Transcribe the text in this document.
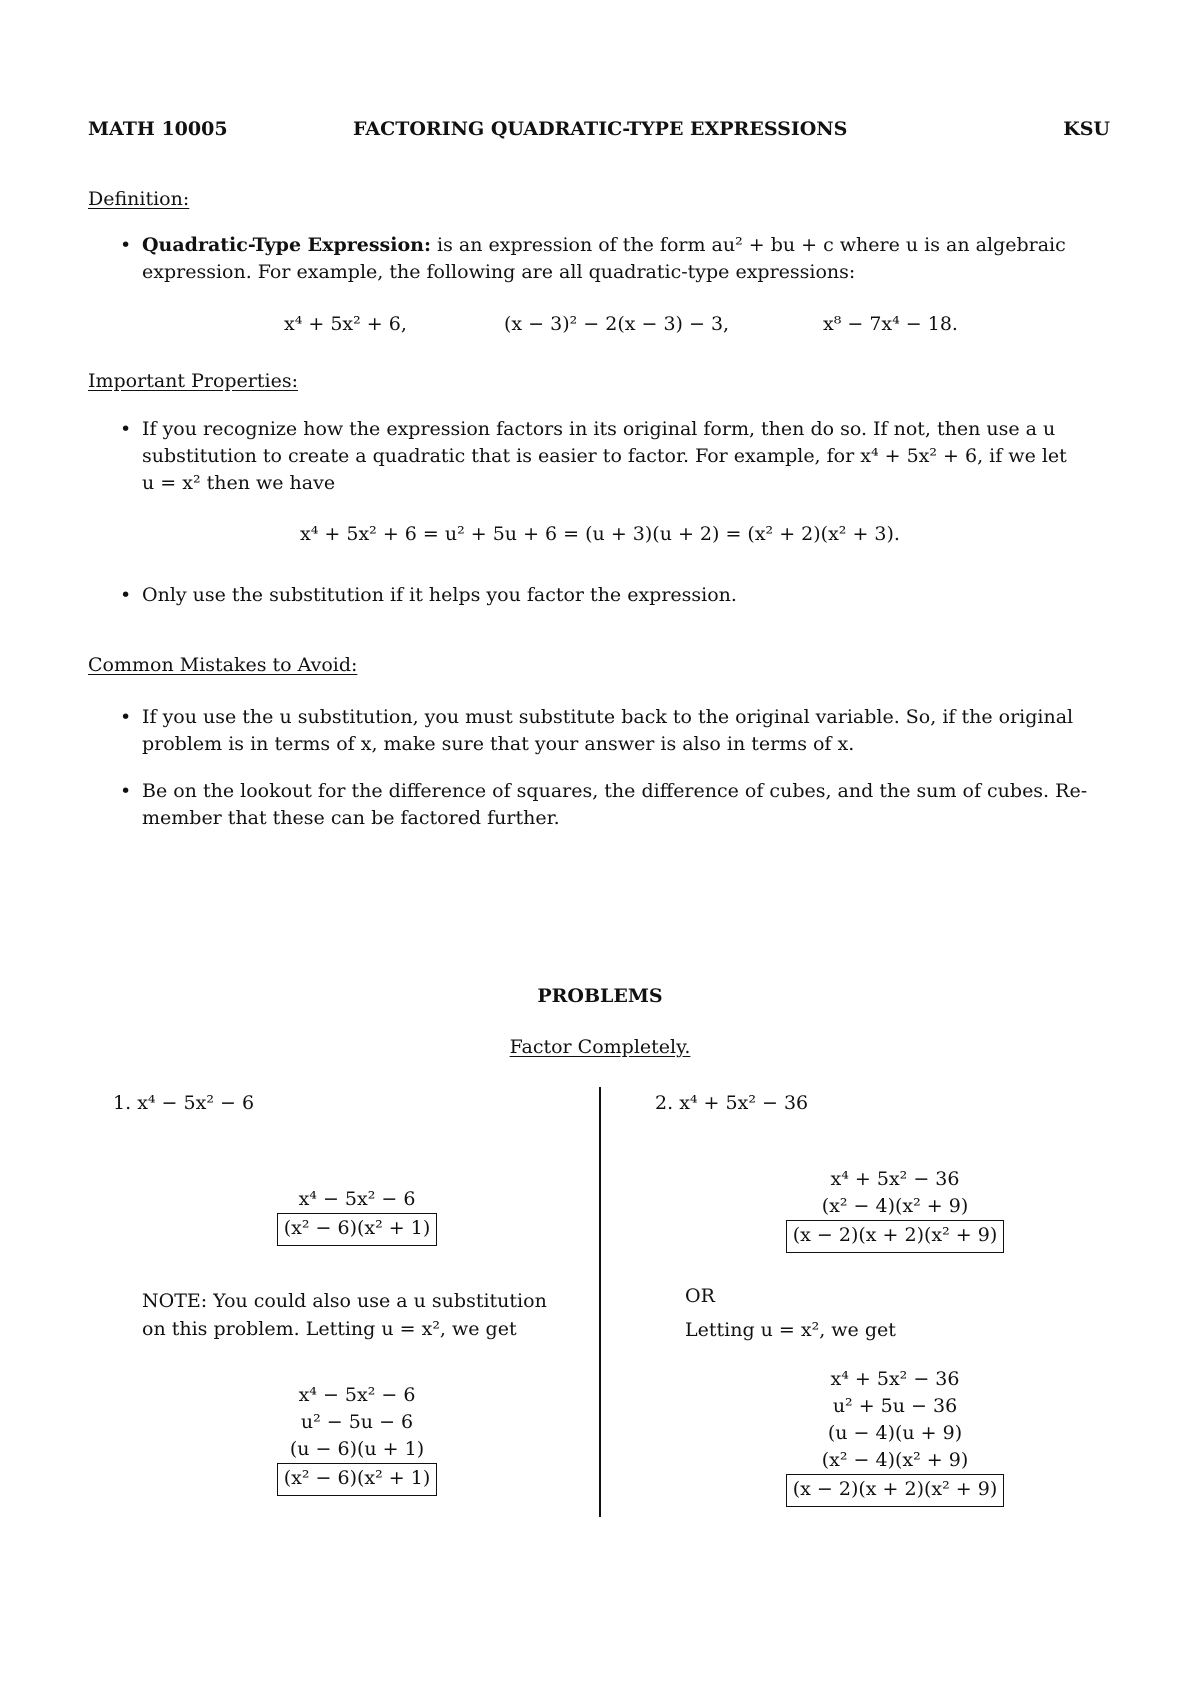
MATH 10005	FACTORING QUADRATIC-TYPE EXPRESSIONS	KSU
Definition:
• Quadratic-Type Expression: is an expression of the form au² + bu + c where u is an algebraic
expression. For example, the following are all quadratic-type expressions:
x⁴ + 5x² + 6,	(x − 3)² − 2(x − 3) − 3,	x⁸ − 7x⁴ − 18.
Important Properties:
• If you recognize how the expression factors in its original form, then do so. If not, then use a u
substitution to create a quadratic that is easier to factor. For example, for x⁴ + 5x² + 6, if we let
u = x² then we have
x⁴ + 5x² + 6 = u² + 5u + 6 = (u + 3)(u + 2) = (x² + 2)(x² + 3).
• Only use the substitution if it helps you factor the expression.
Common Mistakes to Avoid:
• If you use the u substitution, you must substitute back to the original variable. So, if the original
problem is in terms of x, make sure that your answer is also in terms of x.
• Be on the lookout for the difference of squares, the difference of cubes, and the sum of cubes. Re-
member that these can be factored further.
PROBLEMS
Factor Completely.
1. x⁴ − 5x² − 6
x⁴ − 5x² − 6
(x² − 6)(x² + 1)
NOTE: You could also use a u substitution
on this problem. Letting u = x², we get
x⁴ − 5x² − 6
u² − 5u − 6
(u − 6)(u + 1)
(x² − 6)(x² + 1)
2. x⁴ + 5x² − 36
x⁴ + 5x² − 36
(x² − 4)(x² + 9)
(x − 2)(x + 2)(x² + 9)
OR
Letting u = x², we get
x⁴ + 5x² − 36
u² + 5u − 36
(u − 4)(u + 9)
(x² − 4)(x² + 9)
(x − 2)(x + 2)(x² + 9)
